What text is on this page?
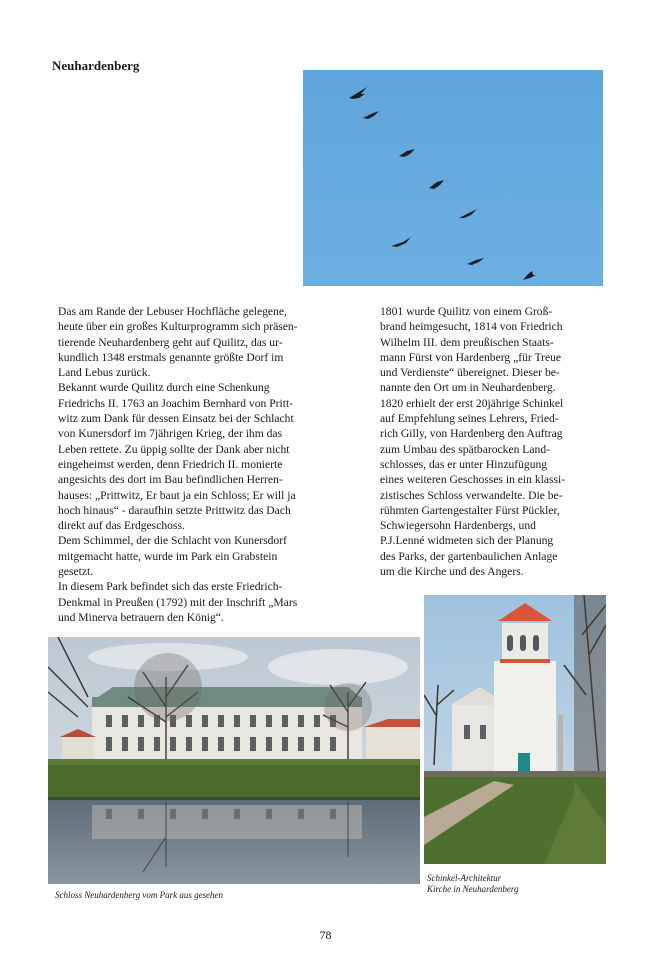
Neuhardenberg

Das am Rande der Lebuser Hochfläche gelegene,

heute über ein großes Kulturprogramm sich präsen-

tierende Neuhardenberg geht auf Quilitz, das ur-

kundlich 1348 erstmals genannte größte Dorf im

Land Lebus zurück.

Bekannt wurde Quilitz durch eine Schenkung

Friedrichs II. 1763 an Joachim Bernhard von Pritt-

witz zum Dank für dessen Einsatz bei der Schlacht

von Kunersdorf im 7jährigen Krieg, der ihm das

Leben rettete. Zu üppig sollte der Dank aber nicht

eingeheimst werden, denn Friedrich II. monierte

angesichts des dort im Bau befindlichen Herren-

hauses: „Prittwitz, Er baut ja ein Schloss; Er will ja

hoch hinaus“ - daraufhin setzte Prittwitz das Dach

direkt auf das Erdgeschoss.

Dem Schimmel, der die Schlacht von Kunersdorf

mitgemacht hatte, wurde im Park ein Grabstein

gesetzt.

In diesem Park befindet sich das erste Friedrich-

Denkmal in Preußen (1792) mit der Inschrift „Mars

und Minerva betrauern den König“.

1801 wurde Quilitz von einem Groß-

brand heimgesucht, 1814 von Friedrich

Wilhelm III. dem preußischen Staats-

mann Fürst von Hardenberg „für Treue

und Verdienste“ übereignet. Dieser be-

nannte den Ort um in Neuhardenberg.

1820 erhielt der erst 20jährige Schinkel

auf Empfehlung seines Lehrers, Fried-

rich Gilly, von Hardenberg den Auftrag

zum Umbau des spätbarocken Land-

schlosses, das er unter Hinzufügung

eines weiteren Geschosses in ein klassi-

zistisches Schloss verwandelte. Die be-

rühmten Gartengestalter Fürst Pückler,

Schwiegersohn Hardenbergs, und

P.J.Lenné widmeten sich der Planung

des Parks, der gartenbaulichen Anlage

um die Kirche und des Angers.

Schloss Neuhardenberg vom Park aus gesehen
Schinkel-Architektur
Kirche in Neuhardenberg
78
